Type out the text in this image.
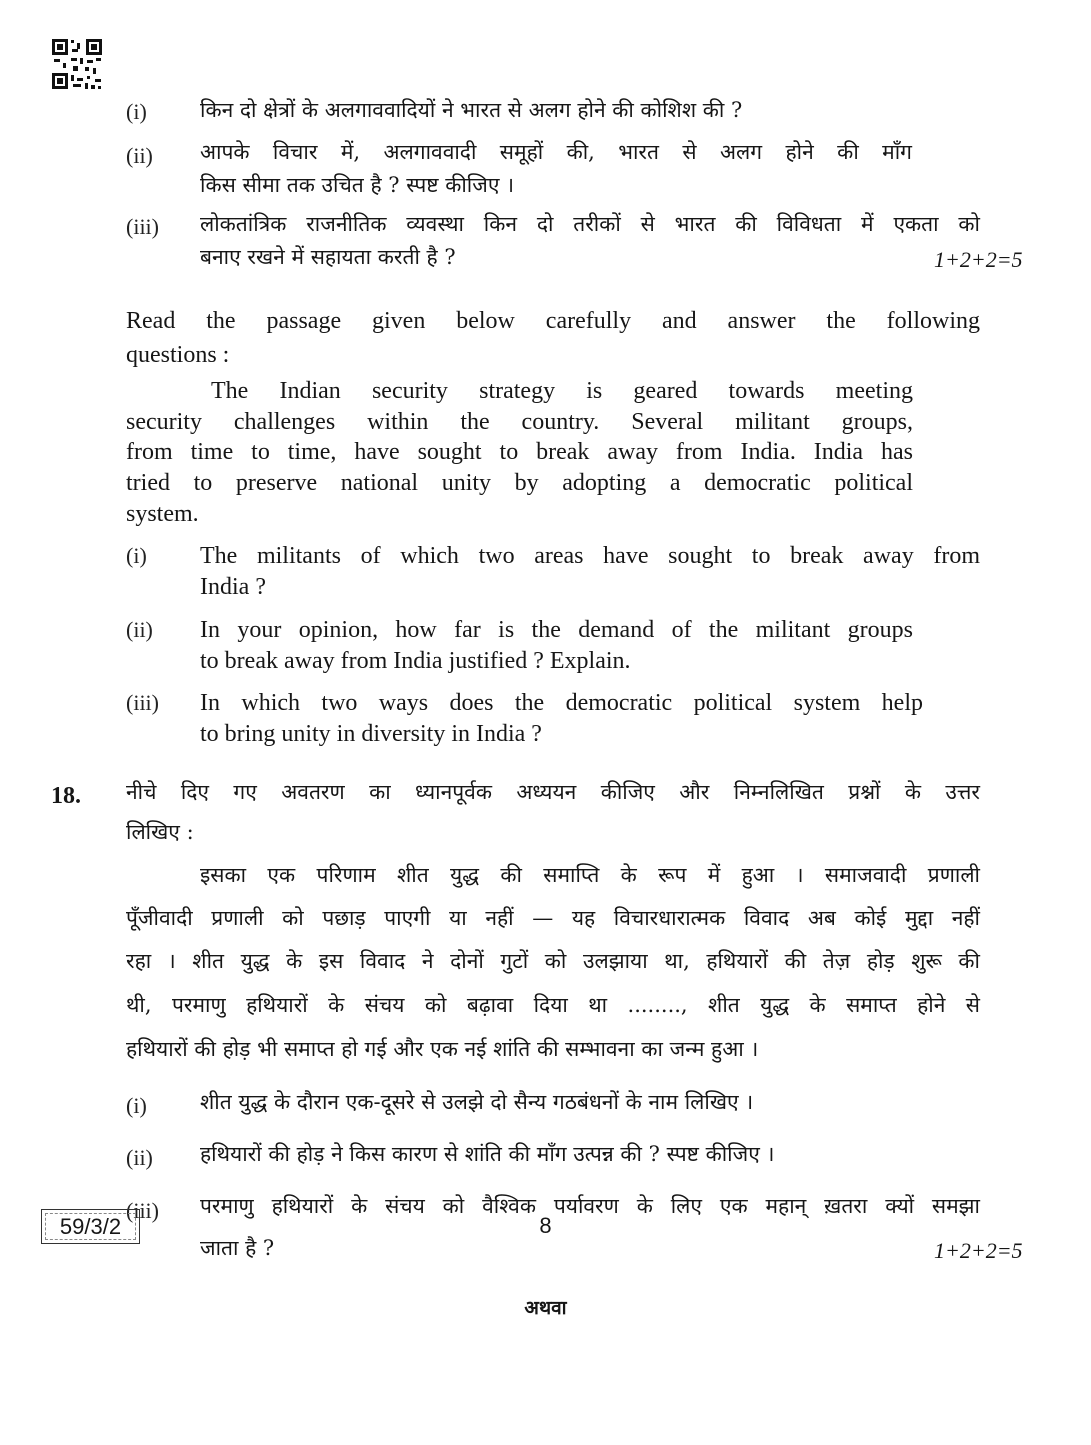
(i)	किन दो क्षेत्रों के अलगाववादियों ने भारत से अलग होने की कोशिश की ?
(ii) आपके विचार में, अलगाववादी समूहों की, भारत से अलग होने की माँग
किस सीमा तक उचित है ? स्पष्ट कीजिए ।
(iii) लोकतांत्रिक राजनीतिक व्यवस्था किन दो तरीकों से भारत की विविधता में एकता को
बनाए रखने में सहायता करती है ?	1+2+2=5
Read the passage given below carefully and answer the following
questions :
The Indian security strategy is geared towards meeting
security challenges within the country. Several militant groups,
from time to time, have sought to break away from India. India has
tried to preserve national unity by adopting a democratic political
system.
(i) The militants of which two areas have sought to break away from
India ?
(ii) In your opinion, how far is the demand of the militant groups
to break away from India justified ? Explain.
(iii) In which two ways does the democratic political system help
to bring unity in diversity in India ?
18. नीचे दिए गए अवतरण का ध्यानपूर्वक अध्ययन कीजिए और निम्नलिखित प्रश्नों के उत्तर
लिखिए :
इसका एक परिणाम शीत युद्ध की समाप्ति के रूप में हुआ । समाजवादी प्रणाली
पूँजीवादी प्रणाली को पछाड़ पाएगी या नहीं — यह विचारधारात्मक विवाद अब कोई मुद्दा नहीं
रहा । शीत युद्ध के इस विवाद ने दोनों गुटों को उलझाया था, हथियारों की तेज़ होड़ शुरू की
थी, परमाणु हथियारों के संचय को बढ़ावा दिया था ........, शीत युद्ध के समाप्त होने से
हथियारों की होड़ भी समाप्त हो गई और एक नई शांति की सम्भावना का जन्म हुआ ।
(i)	शीत युद्ध के दौरान एक-दूसरे से उलझे दो सैन्य गठबंधनों के नाम लिखिए ।
(ii) हथियारों की होड़ ने किस कारण से शांति की माँग उत्पन्न की ? स्पष्ट कीजिए ।
(iii) परमाणु हथियारों के संचय को वैश्विक पर्यावरण के लिए एक महान् ख़तरा क्यों समझा
जाता है ?	1+2+2=5
अथवा
59/3/2	8
